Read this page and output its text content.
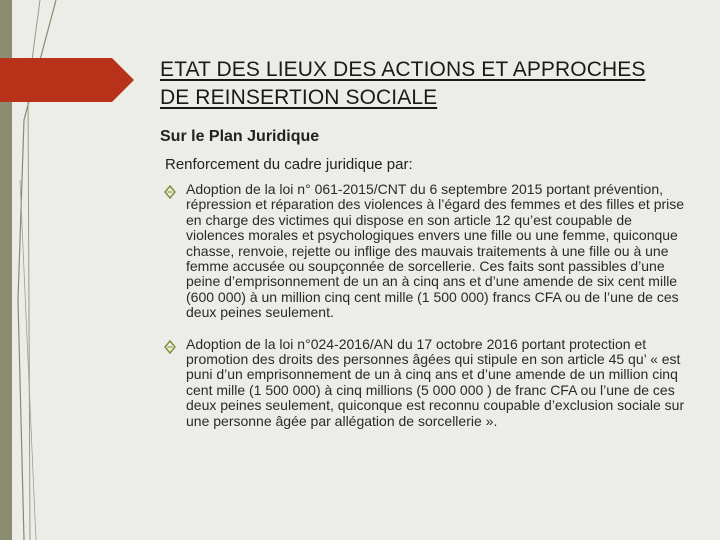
ETAT DES LIEUX DES ACTIONS ET APPROCHES DE REINSERTION SOCIALE
Sur le Plan Juridique
Renforcement du cadre juridique par:

Adoption de la loi n° 061-2015/CNT du 6 septembre 2015 portant prévention, répression et réparation des violences à l’égard des femmes et des filles et prise en charge des victimes qui dispose en son article 12 qu’est coupable de violences morales et psychologiques envers une fille ou une femme, quiconque chasse, renvoie, rejette ou inflige des mauvais traitements à une fille ou à une femme accusée ou soupçonnée de sorcellerie. Ces faits sont passibles d’une peine d’emprisonnement de un an à cinq ans et d’une amende de six cent mille (600 000) à un million cinq cent mille (1 500 000) francs CFA ou de l’une de ces deux peines seulement.

Adoption de la loi n°024-2016/AN du 17 octobre 2016 portant protection et promotion des droits des personnes âgées qui stipule en son article 45 qu’ « est puni d’un emprisonnement de un à cinq ans et d’une amende de un million cinq cent mille (1 500 000) à cinq millions (5 000 000 ) de franc CFA ou l’une de ces deux peines seulement, quiconque est reconnu coupable d’exclusion sociale sur une personne âgée par allégation de sorcellerie ».
